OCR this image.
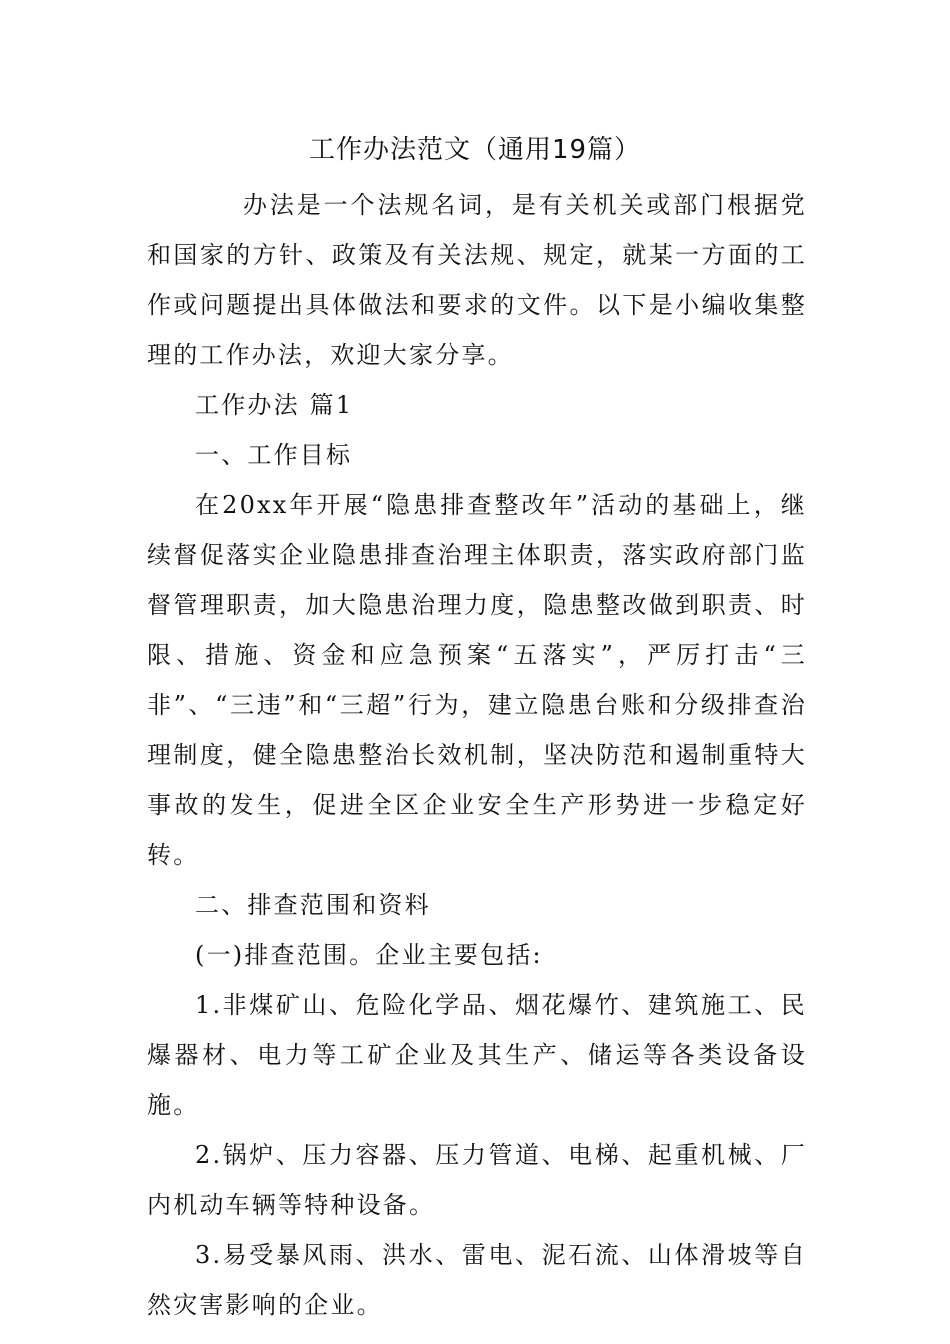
工作办法范文（通用19篇）

办法是一个法规名词，是有关机关或部门根据党和国家的方针、政策及有关法规、规定，就某一方面的工作或问题提出具体做法和要求的文件。以下是小编收集整理的工作办法，欢迎大家分享。

工作办法 篇1

一、工作目标

在20xx年开展“隐患排查整改年”活动的基础上，继续督促落实企业隐患排查治理主体职责，落实政府部门监督管理职责，加大隐患治理力度，隐患整改做到职责、时限、措施、资金和应急预案“五落实”，严厉打击“三非”、“三违”和“三超”行为，建立隐患台账和分级排查治理制度，健全隐患整治长效机制，坚决防范和遏制重特大事故的发生，促进全区企业安全生产形势进一步稳定好转。

二、排查范围和资料

(一)排查范围。企业主要包括:

1.非煤矿山、危险化学品、烟花爆竹、建筑施工、民爆器材、电力等工矿企业及其生产、储运等各类设备设施。

2.锅炉、压力容器、压力管道、电梯、起重机械、厂内机动车辆等特种设备。

3.易受暴风雨、洪水、雷电、泥石流、山体滑坡等自然灾害影响的企业。
